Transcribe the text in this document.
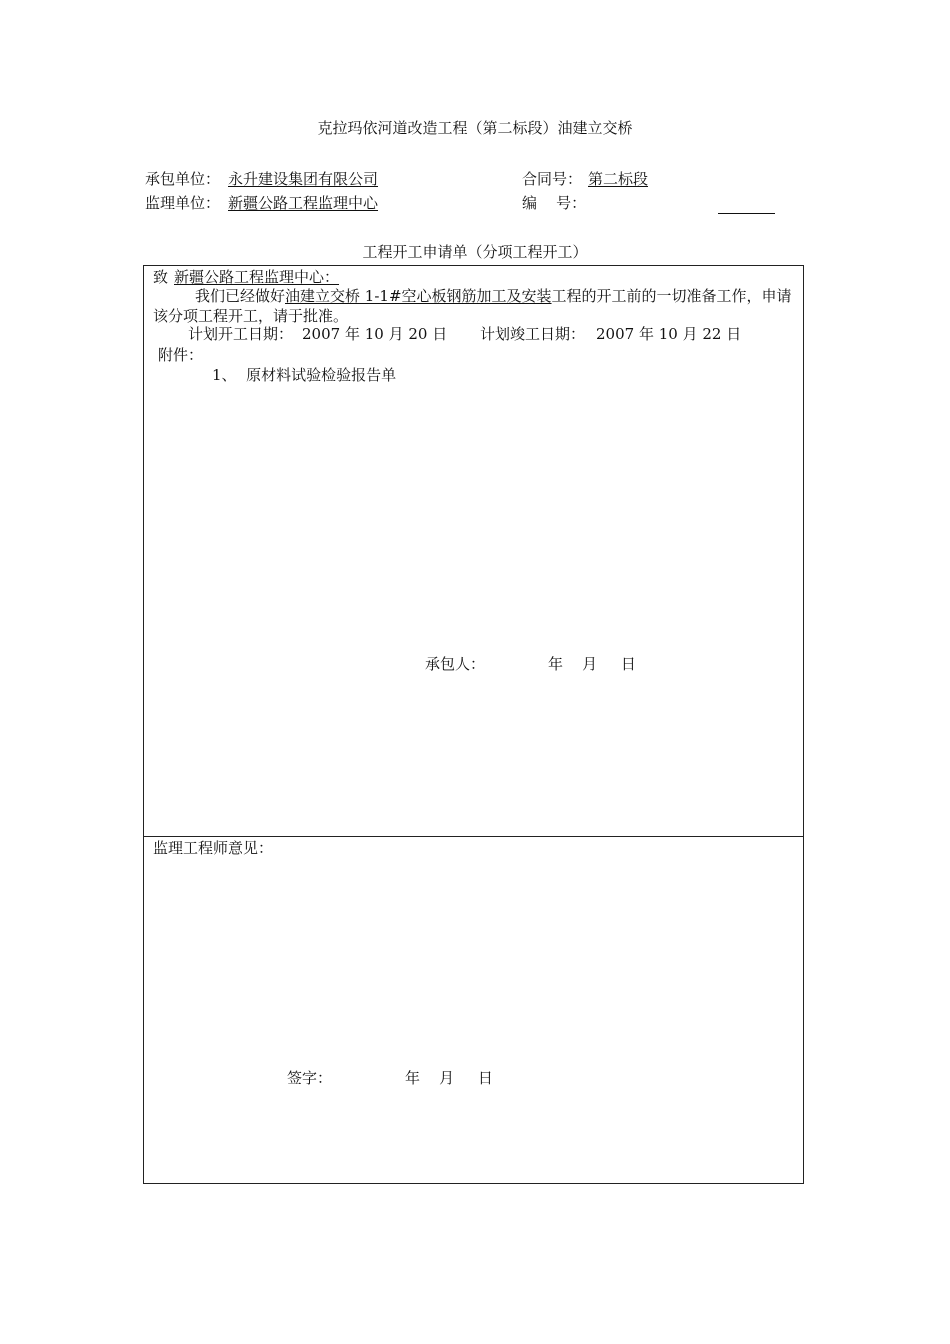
克拉玛依河道改造工程（第二标段）油建立交桥
承包单位： 永升建设集团有限公司	合同号： 第二标段
监理单位： 新疆公路工程监理中心	编    号：
工程开工申请单（分项工程开工）
致 新疆公路工程监理中心：
我们已经做好油建立交桥 1-1#空心板钢筋加工及安装工程的开工前的一切准备工作，申请该分项工程开工，请于批准。
计划开工日期： 2007 年 10 月 20 日 计划竣工日期： 2007 年 10 月 22 日
附件：
1、  原材料试验检验报告单
承包人：	年    月     日
监理工程师意见：
签字：	年    月     日
